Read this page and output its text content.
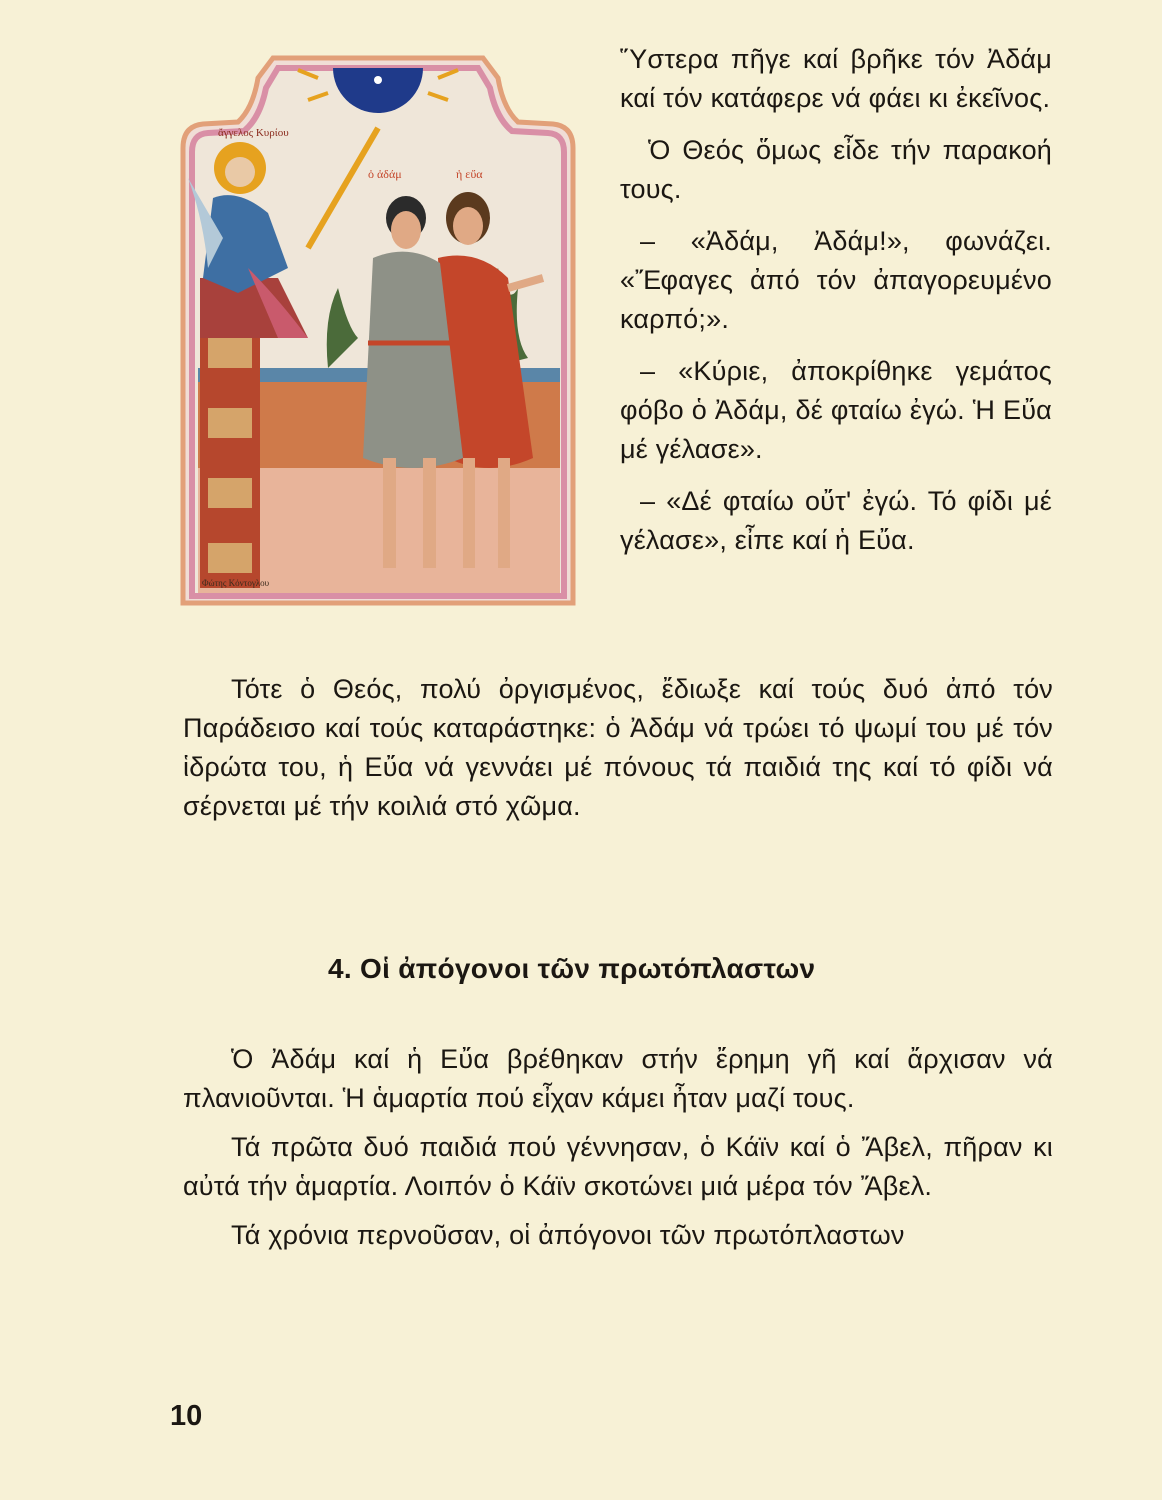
ἄγγελος Κυρίου
ὁ ἀδάμ	ἡ εὔα
Φώτης Κόντογλου

Ὕστερα πῆγε καί βρῆκε τόν Ἀδάμ καί τόν κατάφερε νά φάει κι ἐκεῖνος.

Ὁ Θεός ὅμως εἶδε τήν παρακοή τους.

– «Ἀδάμ, Ἀδάμ!», φωνάζει. «Ἔφαγες ἀπό τόν ἀπαγορευμένο καρπό;».

– «Κύριε, ἀποκρίθηκε γεμάτος φόβο ὁ Ἀδάμ, δέ φταίω ἐγώ. Ἡ Εὔα μέ γέλασε».

– «Δέ φταίω οὔτ' ἐγώ. Τό φίδι μέ γέλασε», εἶπε καί ἡ Εὔα.

Τότε ὁ Θεός, πολύ ὀργισμένος, ἔδιωξε καί τούς δυό ἀπό τόν Παράδεισο καί τούς καταράστηκε: ὁ Ἀδάμ νά τρώει τό ψωμί του μέ τόν ἱδρώτα του, ἡ Εὔα νά γεννάει μέ πόνους τά παιδιά της καί τό φίδι νά σέρνεται μέ τήν κοιλιά στό χῶμα.

4. Οἱ ἀπόγονοι τῶν πρωτόπλαστων

Ὁ Ἀδάμ καί ἡ Εὔα βρέθηκαν στήν ἔρημη γῆ καί ἄρχισαν νά πλανιοῦνται. Ἡ ἁμαρτία πού εἶχαν κάμει ἦταν μαζί τους.

Τά πρῶτα δυό παιδιά πού γέννησαν, ὁ Κάϊν καί ὁ Ἄβελ, πῆραν κι αὐτά τήν ἁμαρτία. Λοιπόν ὁ Κάϊν σκοτώνει μιά μέρα τόν Ἄβελ.

Τά χρόνια περνοῦσαν, οἱ ἀπόγονοι τῶν πρωτόπλαστων

10
